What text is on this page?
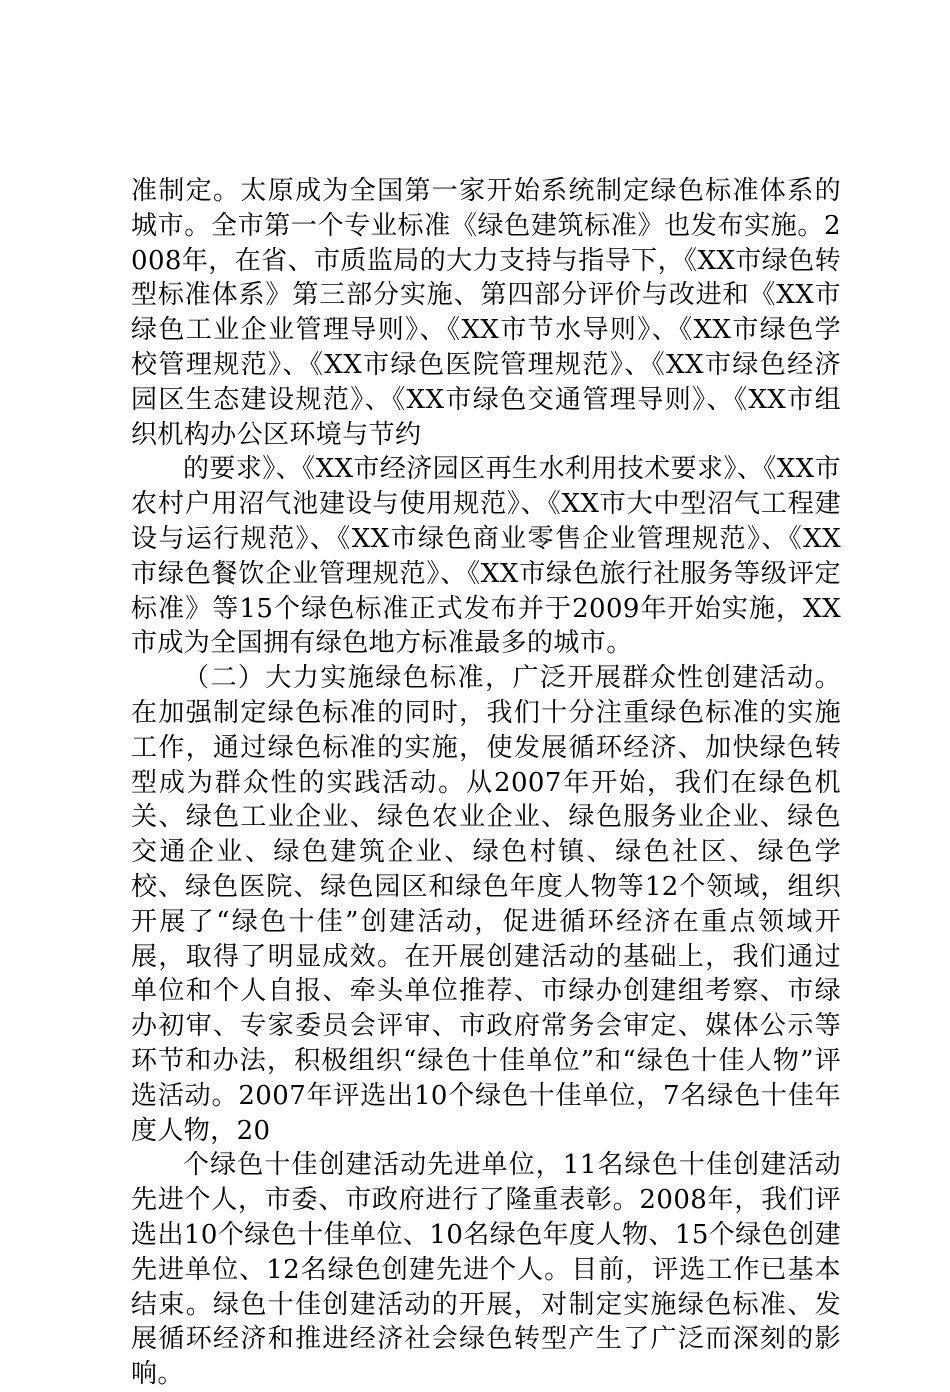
准制定。太原成为全国第一家开始系统制定绿色标准体系的城市。全市第一个专业标准《绿色建筑标准》也发布实施。2008年，在省、市质监局的大力支持与指导下，《XX市绿色转型标准体系》第三部分实施、第四部分评价与改进和《XX市绿色工业企业管理导则》、《XX市节水导则》、《XX市绿色学校管理规范》、《XX市绿色医院管理规范》、《XX市绿色经济园区生态建设规范》、《XX市绿色交通管理导则》、《XX市组织机构办公区环境与节约

的要求》、《XX市经济园区再生水利用技术要求》、《XX市农村户用沼气池建设与使用规范》、《XX市大中型沼气工程建设与运行规范》、《XX市绿色商业零售企业管理规范》、《XX市绿色餐饮企业管理规范》、《XX市绿色旅行社服务等级评定标准》等15个绿色标准正式发布并于2009年开始实施，XX市成为全国拥有绿色地方标准最多的城市。

（二）大力实施绿色标准，广泛开展群众性创建活动。在加强制定绿色标准的同时，我们十分注重绿色标准的实施工作，通过绿色标准的实施，使发展循环经济、加快绿色转型成为群众性的实践活动。从2007年开始，我们在绿色机关、绿色工业企业、绿色农业企业、绿色服务业企业、绿色交通企业、绿色建筑企业、绿色村镇、绿色社区、绿色学校、绿色医院、绿色园区和绿色年度人物等12个领域，组织开展了“绿色十佳”创建活动，促进循环经济在重点领域开展，取得了明显成效。在开展创建活动的基础上，我们通过单位和个人自报、牵头单位推荐、市绿办创建组考察、市绿办初审、专家委员会评审、市政府常务会审定、媒体公示等环节和办法，积极组织“绿色十佳单位”和“绿色十佳人物”评选活动。2007年评选出10个绿色十佳单位，7名绿色十佳年度人物，20

个绿色十佳创建活动先进单位，11名绿色十佳创建活动先进个人，市委、市政府进行了隆重表彰。2008年，我们评选出10个绿色十佳单位、10名绿色年度人物、15个绿色创建先进单位、12名绿色创建先进个人。目前，评选工作已基本结束。绿色十佳创建活动的开展，对制定实施绿色标准、发展循环经济和推进经济社会绿色转型产生了广泛而深刻的影响。
